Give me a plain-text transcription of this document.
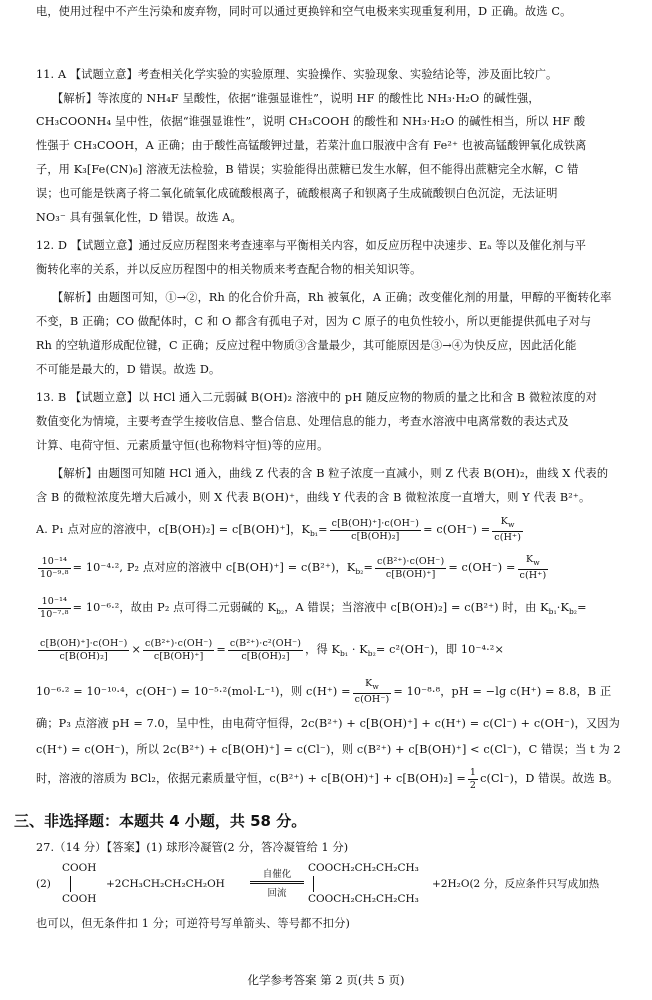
电，使用过程中不产生污染和废弃物，同时可以通过更换锌和空气电极来实现重复利用，D 正确。故选 C。
11. A 【试题立意】考查相关化学实验的实验原理、实验操作、实验现象、实验结论等，涉及面比较广。
【解析】等浓度的 NH₄F 呈酸性，依据“谁强显谁性”，说明 HF 的酸性比 NH₃·H₂O 的碱性强，
CH₃COONH₄ 呈中性，依据“谁强显谁性”，说明 CH₃COOH 的酸性和 NH₃·H₂O 的碱性相当，所以 HF 酸
性强于 CH₃COOH，A 正确；由于酸性高锰酸钾过量，若菜汁血口服液中含有 Fe²⁺ 也被高锰酸钾氧化成铁离
子，用 K₃[Fe(CN)₆] 溶液无法检验，B 错误；实验能得出蔗糖已发生水解，但不能得出蔗糖完全水解，C 错
误；也可能是铁离子将二氧化硫氧化成硫酸根离子，硫酸根离子和钡离子生成硫酸钡白色沉淀，无法证明
NO₃⁻ 具有强氧化性，D 错误。故选 A。
12. D 【试题立意】通过反应历程图来考查速率与平衡相关内容，如反应历程中决速步、Eₐ 等以及催化剂与平
衡转化率的关系，并以反应历程图中的相关物质来考查配合物的相关知识等。
【解析】由题图可知，①→②，Rh 的化合价升高，Rh 被氧化，A 正确；改变催化剂的用量，甲醇的平衡转化率
不变，B 正确；CO 做配体时，C 和 O 都含有孤电子对，因为 C 原子的电负性较小，所以更能提供孤电子对与
Rh 的空轨道形成配位键，C 正确；反应过程中物质③含量最少，其可能原因是③→④为快反应，因此活化能
不可能是最大的，D 错误。故选 D。
13. B 【试题立意】以 HCl 通入二元弱碱 B(OH)₂ 溶液中的 pH 随反应物的物质的量之比和含 B 微粒浓度的对
数值变化为情境，主要考查学生接收信息、整合信息、处理信息的能力，考查水溶液中电离常数的表达式及
计算、电荷守恒、元素质量守恒(也称物料守恒)等的应用。
【解析】由题图可知随 HCl 通入，曲线 Z 代表的含 B 粒子浓度一直减小，则 Z 代表 B(OH)₂，曲线 X 代表的
含 B 的微粒浓度先增大后减小，则 X 代表 B(OH)⁺，曲线 Y 代表的含 B 微粒浓度一直增大，则 Y 代表 B²⁺。
A. P₁ 点对应的溶液中，c[B(OH)₂] = c[B(OH)⁺]，$K_{b_1}= \frac{c[B(OH)^+]\cdot c(OH^-)}{\text{c[B(OH)₂]}} = c(OH^-) = \frac{K_w}{c(H^+)}$
$\frac{\text{10⁻¹⁴}}{\text{10⁻⁹·⁸}} = 10^{-4}\cdot^2$, P₂ 点对应的溶液中 c[B(OH)⁺] = c(B²⁺)，$K_{b_2}= \frac{\text{c(B²⁺)·c(OH⁻)}}{c[B(OH)^+]} = c(OH^-) = \frac{K_w}{c(H^+)}$
$\frac{\text{10⁻¹⁴}}{\text{10⁻⁷·⁸}} = 10^{-6}\cdot^2$，故由 P₂ 点可得二元弱碱的 $K_{b_2}$，A 错误；当溶液中 c[B(OH)₂] = c(B²⁺) 时，由 $K_{b_1}\cdot K_{b_2}=$
$\frac{c[B(OH)^+]\cdot c(OH^-)}{\text{c[B(OH)₂]}} \times \frac{\text{c(B²⁺)·c(OH⁻)}}{c[B(OH)^+]} = \frac{\text{c(B²⁺)·c²(OH⁻)}}{\text{c[B(OH)₂]}}$ ，得 $K_{b_1} \cdot K_{b_2}= c^2(OH^-)$，即 10⁻⁴·²×
10⁻⁶·² = 10⁻¹⁰·⁴，c(OH⁻) = 10⁻⁵·²(mol·L⁻¹)，则 $c(H^+) = \frac{K_w}{c(OH^-)} = 10^{-8}\cdot^8$，pH = −lg c(H⁺) = 8.8，B 正
确；P₃ 点溶液 pH = 7.0，呈中性，由电荷守恒得，2c(B²⁺) + c[B(OH)⁺] + c(H⁺) = c(Cl⁻) + c(OH⁻)，又因为
c(H⁺) = c(OH⁻)，所以 2c(B²⁺) + c[B(OH)⁺] = c(Cl⁻)，则 c(B²⁺) + c[B(OH)⁺] < c(Cl⁻)，C 错误；当 t 为 2
时，溶液的溶质为 BCl₂，依据元素质量守恒，$c(B^{2+}) + c[B(OH)^+] + c[B(OH)_2] = \frac{1}{2} c(Cl^-)$，D 错误。故选 B。
三、非选择题：本题共 4 小题，共 58 分。
27.（14 分）【答案】(1) 球形冷凝管(2 分，答冷凝管给 1 分)
(2)
COOH
COOH
+2CH₃CH₂CH₂CH₂OH
自催化
回流
COOCH₂CH₂CH₂CH₃
COOCH₂CH₂CH₂CH₃
+2H₂O(2 分，反应条件只写成加热
也可以，但无条件扣 1 分；可逆符号写单箭头、等号都不扣分)
化学参考答案 第 2 页(共 5 页)
